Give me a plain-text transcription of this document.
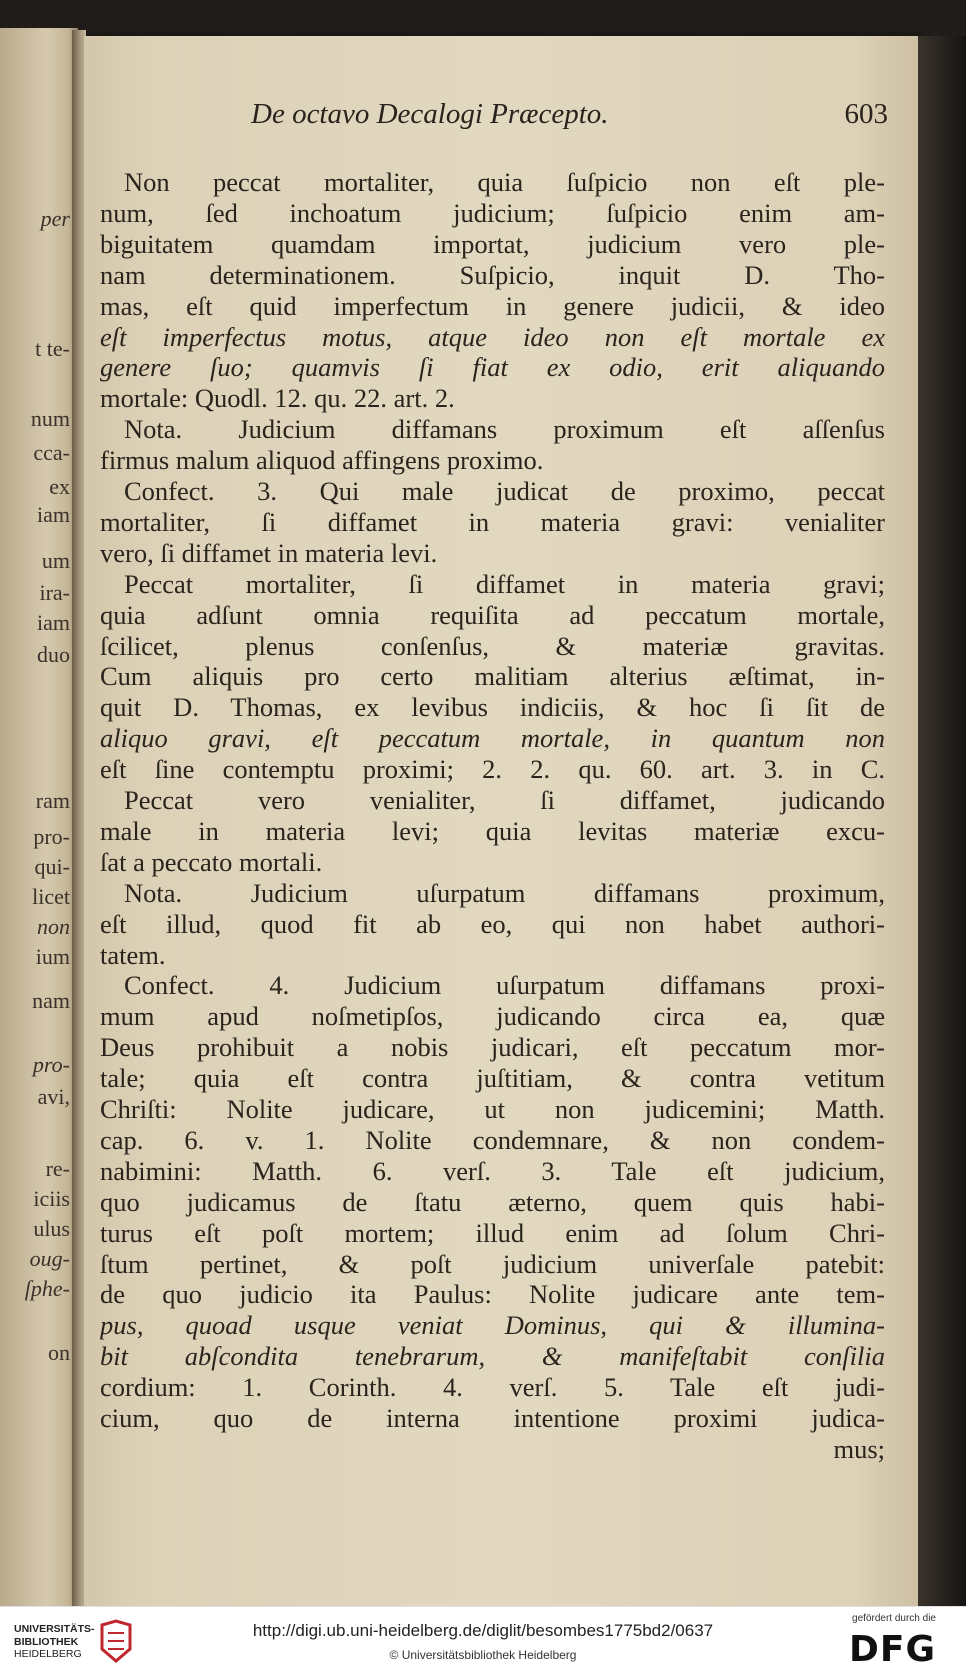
per
t te-
num
cca-
ex
iam
um
ira-
iam
duo
ram
pro-
qui-
licet
non
ium
nam
pro-
avi,
re-
iciis
ulus
oug-
ſphe-
on
De octavo Decalogi Præcepto.	603
Non peccat mortaliter, quia ſuſpicio non eſt ple-
num, ſed inchoatum judicium; ſuſpicio enim am-
biguitatem quamdam importat, judicium vero ple-
nam determinationem. Suſpicio, inquit D. Tho-
mas, eſt quid imperfectum in genere judicii, & ideo
eſt imperfectus motus, atque ideo non eſt mortale ex
genere ſuo; quamvis ſi fiat ex odio, erit aliquando
mortale: Quodl. 12. qu. 22. art. 2.
Nota. Judicium diffamans proximum eſt aſſenſus
firmus malum aliquod affingens proximo.
Confect. 3. Qui male judicat de proximo, peccat
mortaliter, ſi diffamet in materia gravi: venialiter
vero, ſi diffamet in materia levi.
Peccat mortaliter, ſi diffamet in materia gravi;
quia adſunt omnia requiſita ad peccatum mortale,
ſcilicet, plenus conſenſus, & materiæ gravitas.
Cum aliquis pro certo malitiam alterius æſtimat, in-
quit D. Thomas, ex levibus indiciis, & hoc ſi ſit de
aliquo gravi, eſt peccatum mortale, in quantum non
eſt ſine contemptu proximi; 2. 2. qu. 60. art. 3. in C.
Peccat vero venialiter, ſi diffamet, judicando
male in materia levi; quia levitas materiæ excu-
ſat a peccato mortali.
Nota. Judicium uſurpatum diffamans proximum,
eſt illud, quod fit ab eo, qui non habet authori-
tatem.
Confect. 4. Judicium uſurpatum diffamans proxi-
mum apud noſmetipſos, judicando circa ea, quæ
Deus prohibuit a nobis judicari, eſt peccatum mor-
tale; quia eſt contra juſtitiam, & contra vetitum
Chriſti: Nolite judicare, ut non judicemini; Matth.
cap. 6. v. 1. Nolite condemnare, & non condem-
nabimini: Matth. 6. verſ. 3. Tale eſt judicium,
quo judicamus de ſtatu æterno, quem quis habi-
turus eſt poſt mortem; illud enim ad ſolum Chri-
ſtum pertinet, & poſt judicium univerſale patebit:
de quo judicio ita Paulus: Nolite judicare ante tem-
pus, quoad usque veniat Dominus, qui & illumina-
bit abſcondita tenebrarum, & manifeſtabit conſilia
cordium: 1. Corinth. 4. verſ. 5. Tale eſt judi-
cium, quo de interna intentione proximi judica-
mus;
UNIVERSITÄTS-
BIBLIOTHEK
HEIDELBERG
http://digi.ub.uni-heidelberg.de/diglit/besombes1775bd2/0637
© Universitätsbibliothek Heidelberg
gefördert durch die
DFG
